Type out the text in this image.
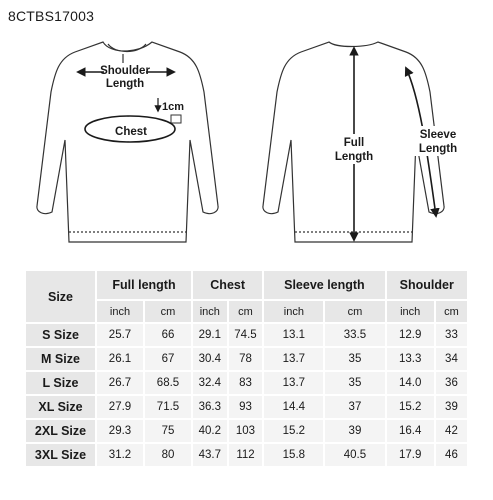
8CTBS17003
Shoulder
Length
1cm
Chest
Full
Length
Sleeve
Length
Size	Full length		Chest		Sleeve length		Shoulder	
	inch	cm	inch	cm	inch	cm	inch	cm
S Size	25.7	66	29.1	74.5	13.1	33.5	12.9	33
M Size	26.1	67	30.4	78	13.7	35	13.3	34
L Size	26.7	68.5	32.4	83	13.7	35	14.0	36
XL Size	27.9	71.5	36.3	93	14.4	37	15.2	39
2XL Size	29.3	75	40.2	103	15.2	39	16.4	42
3XL Size	31.2	80	43.7	112	15.8	40.5	17.9	46
